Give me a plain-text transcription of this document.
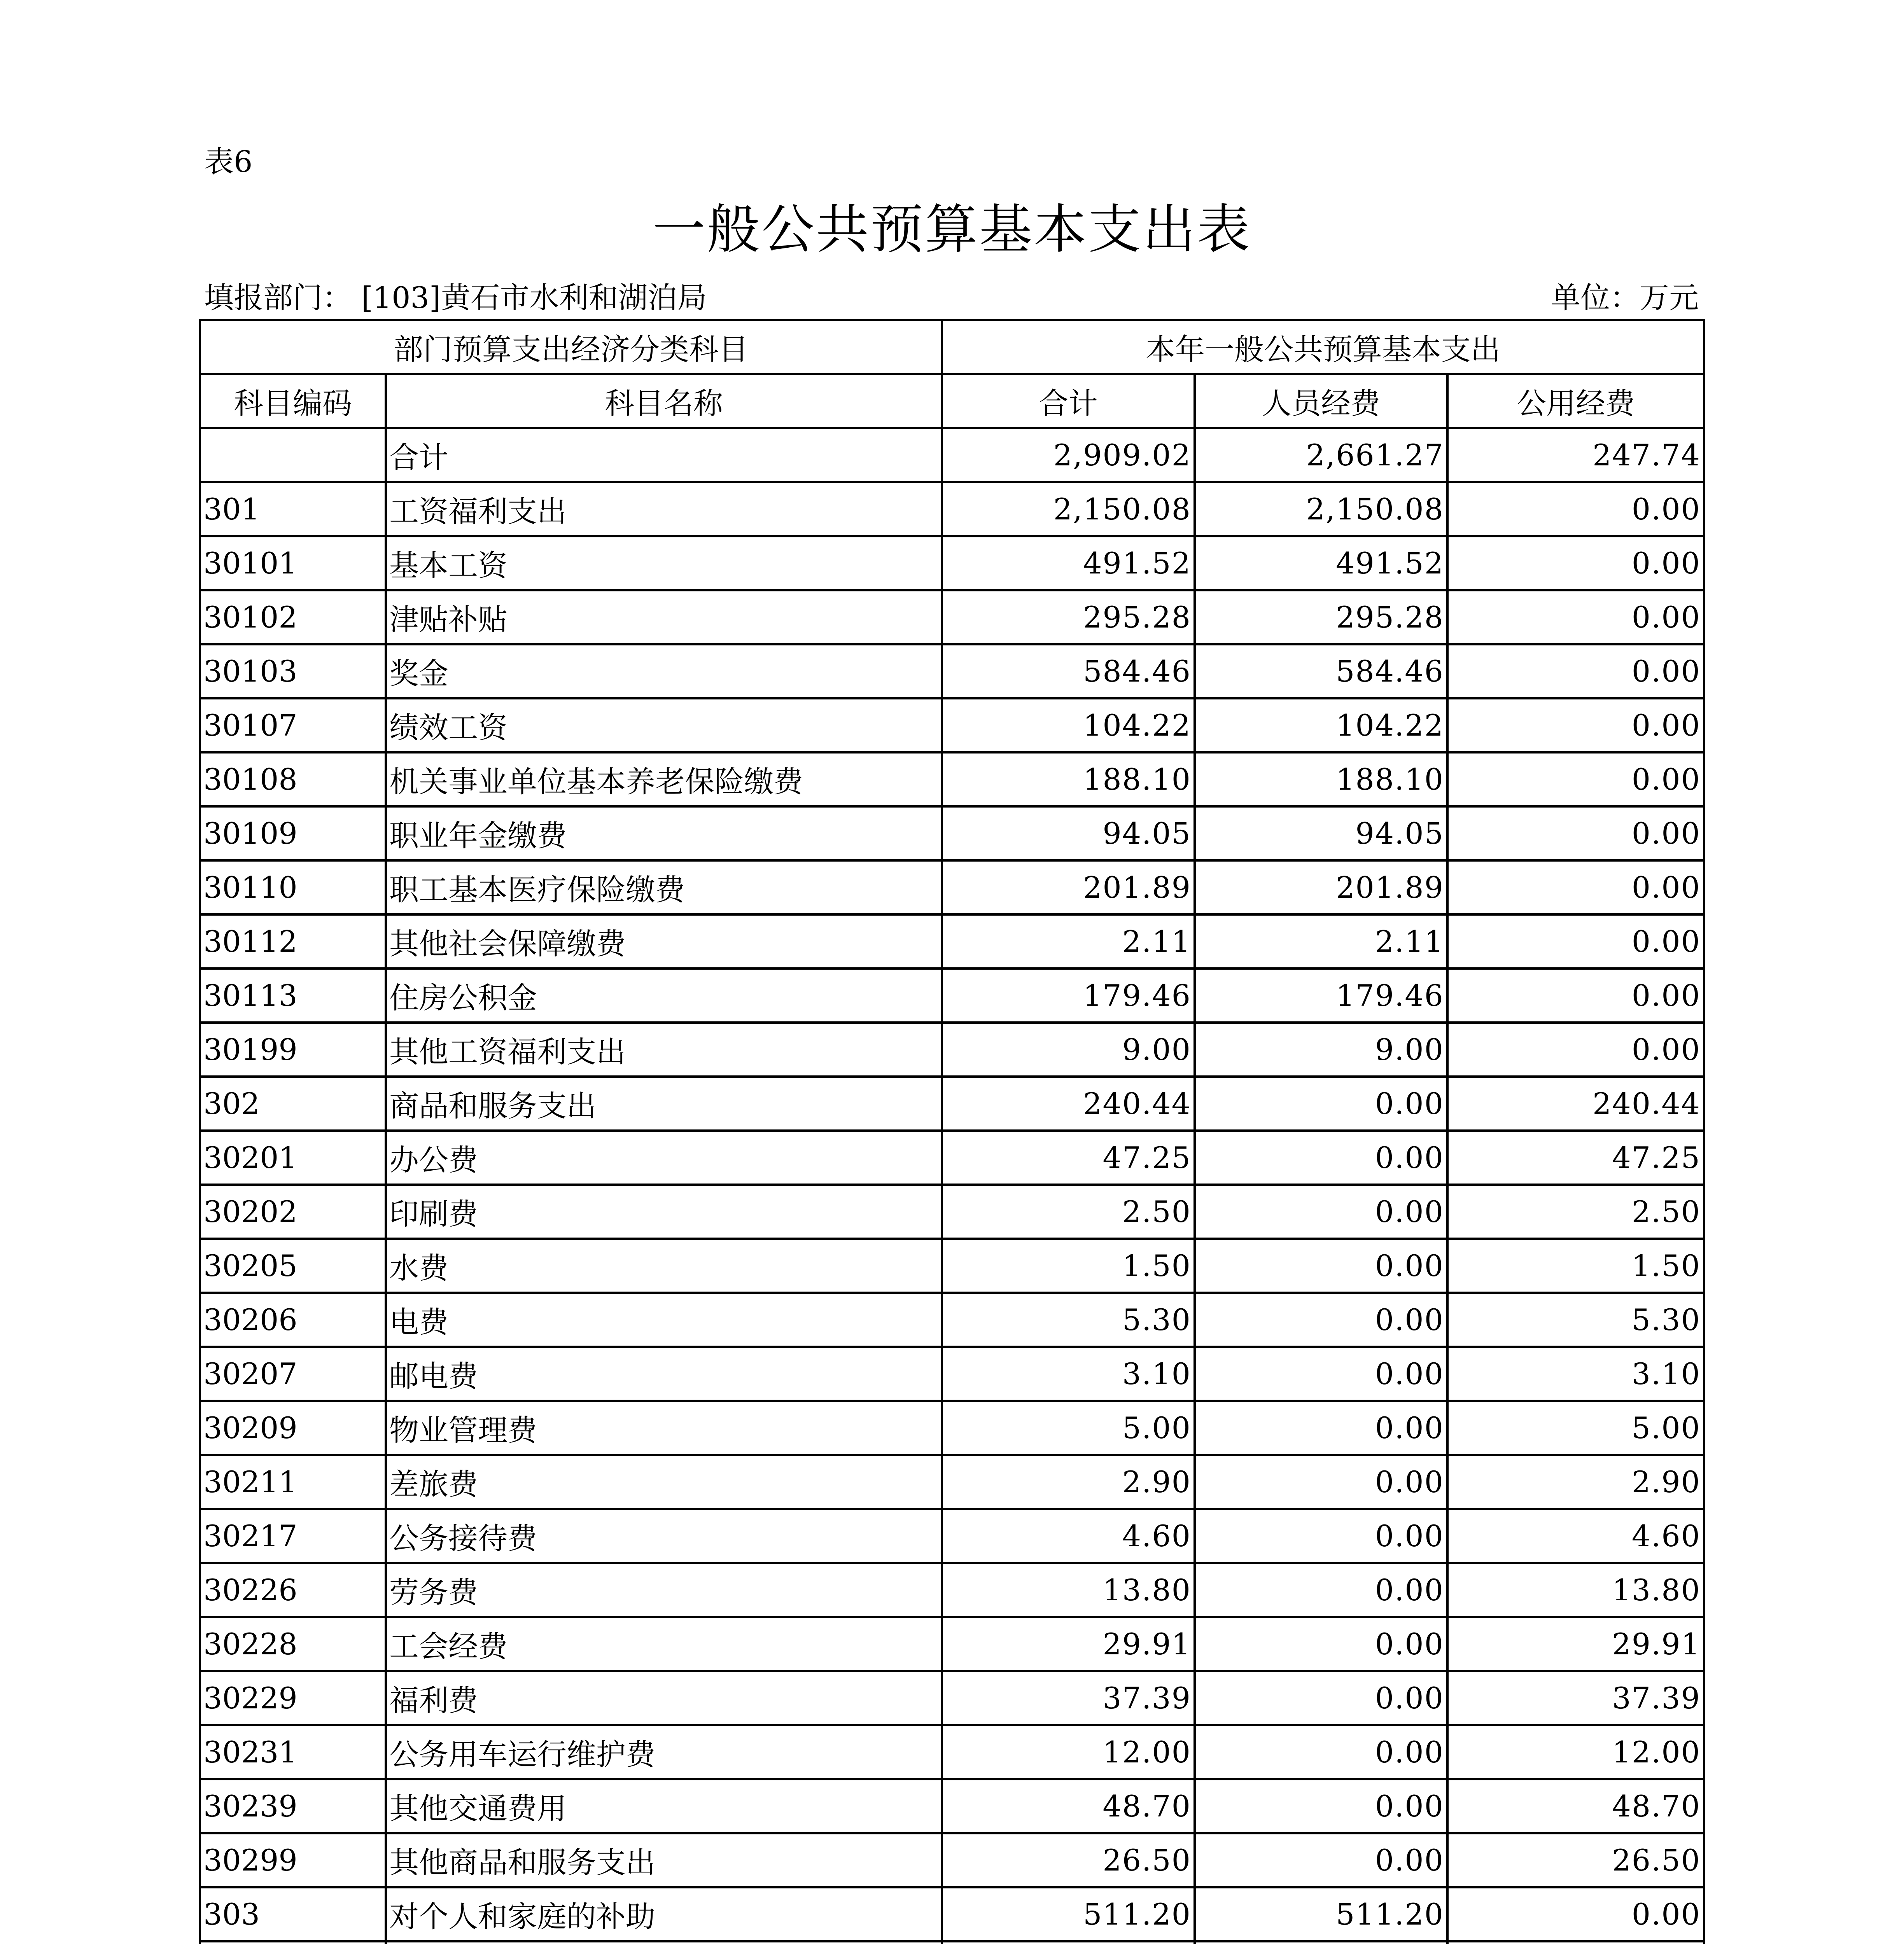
表6
一般公共预算基本支出表
填报部门： [103]黄石市水利和湖泊局	单位：万元
部门预算支出经济分类科目		本年一般公共预算基本支出		
科目编码	科目名称	合计	人员经费	公用经费
	合计	2,909.02	2,661.27	247.74
301	工资福利支出	2,150.08	2,150.08	0.00
30101	基本工资	491.52	491.52	0.00
30102	津贴补贴	295.28	295.28	0.00
30103	奖金	584.46	584.46	0.00
30107	绩效工资	104.22	104.22	0.00
30108	机关事业单位基本养老保险缴费	188.10	188.10	0.00
30109	职业年金缴费	94.05	94.05	0.00
30110	职工基本医疗保险缴费	201.89	201.89	0.00
30112	其他社会保障缴费	2.11	2.11	0.00
30113	住房公积金	179.46	179.46	0.00
30199	其他工资福利支出	9.00	9.00	0.00
302	商品和服务支出	240.44	0.00	240.44
30201	办公费	47.25	0.00	47.25
30202	印刷费	2.50	0.00	2.50
30205	水费	1.50	0.00	1.50
30206	电费	5.30	0.00	5.30
30207	邮电费	3.10	0.00	3.10
30209	物业管理费	5.00	0.00	5.00
30211	差旅费	2.90	0.00	2.90
30217	公务接待费	4.60	0.00	4.60
30226	劳务费	13.80	0.00	13.80
30228	工会经费	29.91	0.00	29.91
30229	福利费	37.39	0.00	37.39
30231	公务用车运行维护费	12.00	0.00	12.00
30239	其他交通费用	48.70	0.00	48.70
30299	其他商品和服务支出	26.50	0.00	26.50
303	对个人和家庭的补助	511.20	511.20	0.00
